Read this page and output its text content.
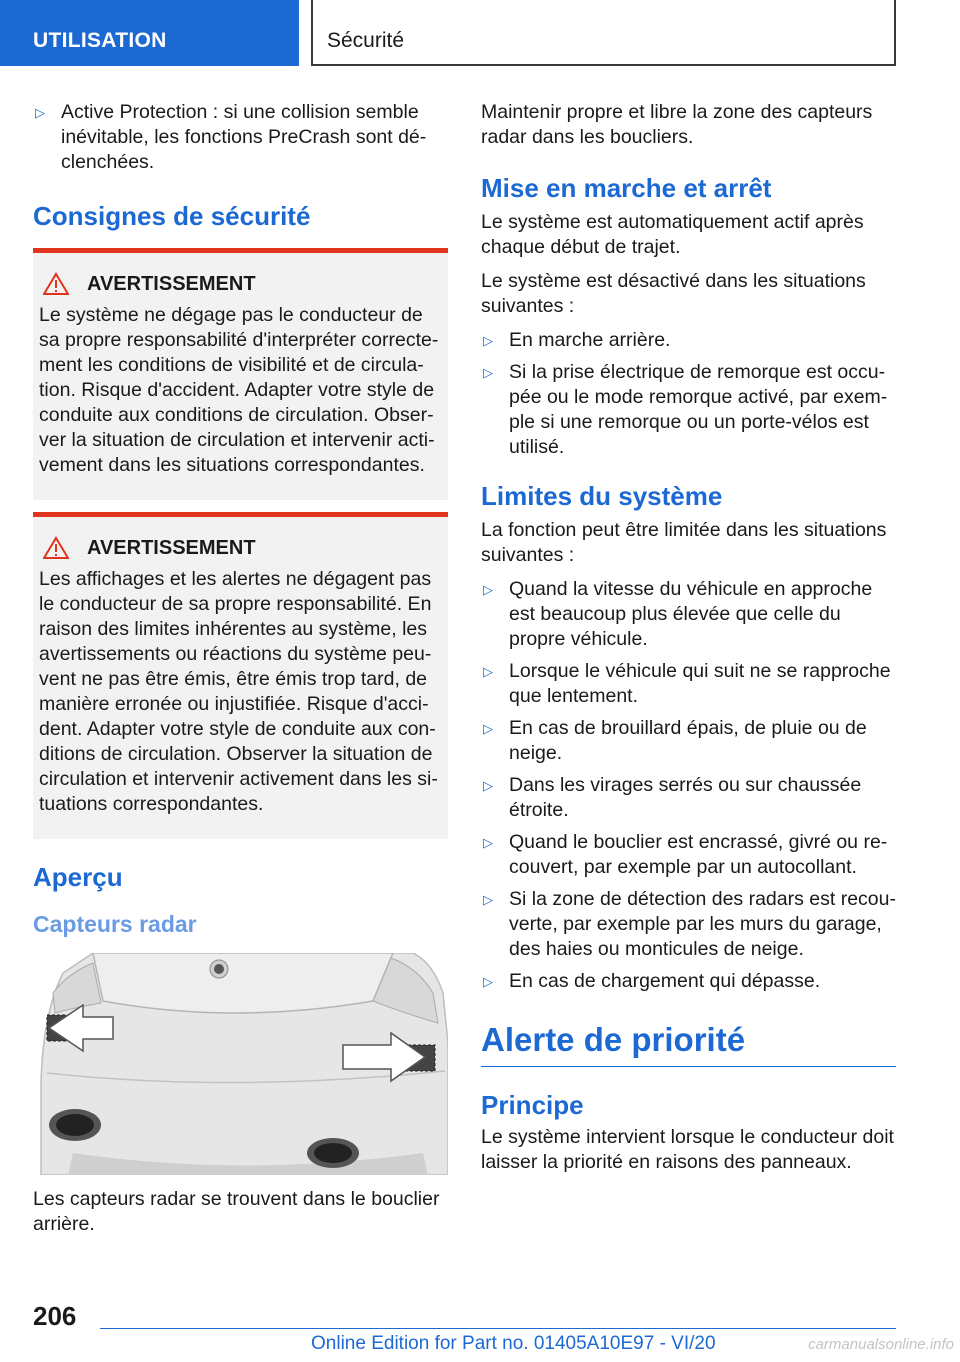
UTILISATION	Sécurité
▷ Active Protection : si une collision semble inévitable, les fonctions PreCrash sont déclenchées.
Consignes de sécurité
AVERTISSEMENT

Le système ne dégage pas le conducteur de sa propre responsabilité d'interpréter correctement les conditions de visibilité et de circulation. Risque d'accident. Adapter votre style de conduite aux conditions de circulation. Observer la situation de circulation et intervenir activement dans les situations correspondantes.

AVERTISSEMENT

Les affichages et les alertes ne dégagent pas le conducteur de sa propre responsabilité. En raison des limites inhérentes au système, les avertissements ou réactions du système peuvent ne pas être émis, être émis trop tard, de manière erronée ou injustifiée. Risque d'accident. Adapter votre style de conduite aux conditions de circulation. Observer la situation de circulation et intervenir activement dans les situations correspondantes.

Aperçu
Capteurs radar

Les capteurs radar se trouvent dans le bouclier arrière.

Maintenir propre et libre la zone des capteurs radar dans les boucliers.

Mise en marche et arrêt

Le système est automatiquement actif après chaque début de trajet.

Le système est désactivé dans les situations suivantes :

▷ En marche arrière.
▷ Si la prise électrique de remorque est occupée ou le mode remorque activé, par exemple si une remorque ou un porte-vélos est utilisé.
Limites du système

La fonction peut être limitée dans les situations suivantes :

▷ Quand la vitesse du véhicule en approche est beaucoup plus élevée que celle du propre véhicule.
▷ Lorsque le véhicule qui suit ne se rapproche que lentement.
▷ En cas de brouillard épais, de pluie ou de neige.
▷ Dans les virages serrés ou sur chaussée étroite.
▷ Quand le bouclier est encrassé, givré ou recouvert, par exemple par un autocollant.
▷ Si la zone de détection des radars est recouverte, par exemple par les murs du garage, des haies ou monticules de neige.
▷ En cas de chargement qui dépasse.
Alerte de priorité
Principe

Le système intervient lorsque le conducteur doit laisser la priorité en raisons des panneaux.

206
Online Edition for Part no. 01405A10E97 - VI/20	carmanualsonline.info
